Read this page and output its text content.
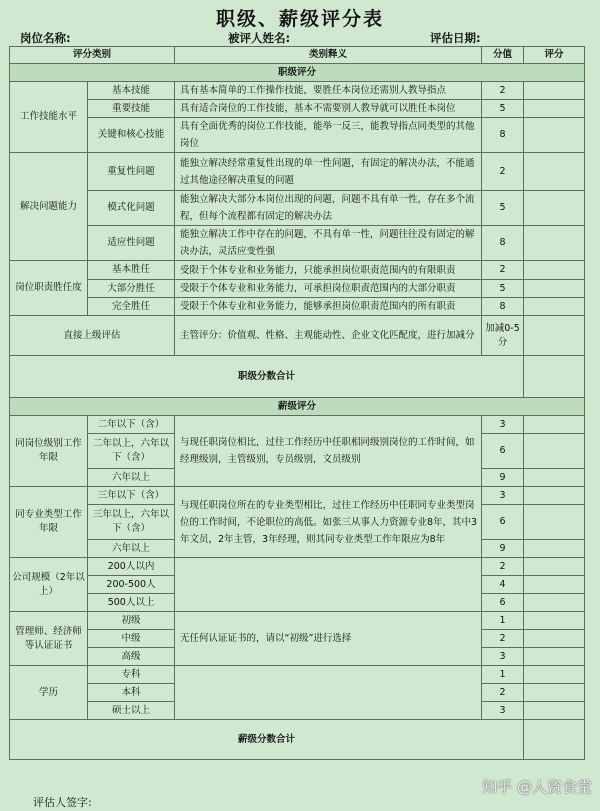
职级、薪级评分表
岗位名称:	被评人姓名:	评估日期:
评分类别		类别释义	分值	评分
职级评分				
工作技能水平	基本技能	具有基本简单的工作操作技能，要胜任本岗位还需别人教导指点	2	
	重要技能	具有适合岗位的工作技能，基本不需要别人教导就可以胜任本岗位	5	
	关键和核心技能	具有全面优秀的岗位工作技能，能举一反三，能教导指点同类型的其他岗位	8	
解决问题能力	重复性问题	能独立解决经常重复性出现的单一性问题，有固定的解决办法，不能通过其他途径解决重复的问题	2	
	模式化问题	能独立解决大部分本岗位出现的问题，问题不具有单一性，存在多个流程，但每个流程都有固定的解决办法	5	
	适应性问题	能独立解决工作中存在的问题，不具有单一性，问题往往没有固定的解决办法，灵活应变性强	8	
岗位职责胜任度	基本胜任	受限于个体专业和业务能力，只能承担岗位职责范围内的有限职责	2	
	大部分胜任	受限于个体专业和业务能力，可承担岗位职责范围内的大部分职责	5	
	完全胜任	受限于个体专业和业务能力，能够承担岗位职责范围内的所有职责	8	
直接上级评估		主管评分：价值观、性格、主观能动性、企业文化匹配度，进行加减分	加减0-5分	
职级分数合计				
薪级评分				
同岗位级别工作年限	二年以下（含）	与现任职岗位相比，过往工作经历中任职相同级别岗位的工作时间，如经理级别，主管级别，专员级别，文员级别	3	
	二年以上，六年以下（含）		6	
	六年以上		9	
同专业类型工作年限	三年以下（含）	与现任职岗位所在的专业类型相比，过往工作经历中任职同专业类型岗位的工作时间，不论职位的高低。如张三从事人力资源专业8年，其中3年文员，2年主管，3年经理，则其同专业类型工作年限应为8年	3	
	三年以上，六年以下（含）		6	
	六年以上		9	
公司规模（2年以上）	200人以内		2	
	200-500人		4	
	500人以上		6	
管理师、经济师等认证证书	初级	无任何认证证书的，请以“初级”进行选择	1	
	中级		2	
	高级		3	
学历	专科		1	
	本科		2	
	硕士以上		3	
薪级分数合计				
评估人签字:
知乎 @人资食堂
